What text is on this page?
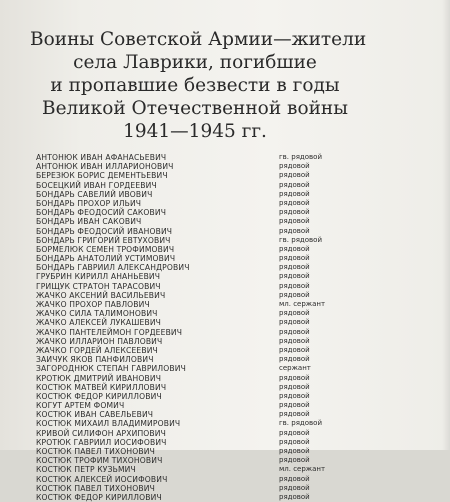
Воины Советской Армии—жители
села Лаврики, погибшие
и пропавшие безвести в годы
Великой Отечественной войны
1941—1945 гг.
АНТОНЮК ИВАН АФАНАСЬЕВИЧ	гв. рядовой
АНТОНЮК ИВАН ИЛЛАРИОНОВИЧ	рядовой
БЕРЕЗЮК БОРИС ДЕМЕНТЬЕВИЧ	рядовой
БОСЕЦКИЙ ИВАН ГОРДЕЕВИЧ	рядовой
БОНДАРЬ САВЕЛИЙ ИВОВИЧ	рядовой
БОНДАРЬ ПРОХОР ИЛЬИЧ	рядовой
БОНДАРЬ ФЕОДОСИЙ САКОВИЧ	рядовой
БОНДАРЬ ИВАН САКОВИЧ	рядовой
БОНДАРЬ ФЕОДОСИЙ ИВАНОВИЧ	рядовой
БОНДАРЬ ГРИГОРИЙ ЕВТУХОВИЧ	гв. рядовой
БОРМЕЛЮК СЕМЕН ТРОФИМОВИЧ	рядовой
БОНДАРЬ АНАТОЛИЙ УСТИМОВИЧ	рядовой
БОНДАРЬ ГАВРИИЛ АЛЕКСАНДРОВИЧ	рядовой
ГРУБРИН КИРИЛЛ АНАНЬЕВИЧ	рядовой
ГРИЩУК СТРАТОН ТАРАСОВИЧ	рядовой
ЖАЧКО АКСЕНИЙ ВАСИЛЬЕВИЧ	рядовой
ЖАЧКО ПРОХОР ПАВЛОВИЧ	мл. сержант
ЖАЧКО СИЛА ТАЛИМОНОВИЧ	рядовой
ЖАЧКО АЛЕКСЕЙ ЛУКАШЕВИЧ	рядовой
ЖАЧКО ПАНТЕЛЕЙМОН ГОРДЕЕВИЧ	рядовой
ЖАЧКО ИЛЛАРИОН ПАВЛОВИЧ	рядовой
ЖАЧКО ГОРДЕЙ АЛЕКСЕЕВИЧ	рядовой
ЗАИЧУК ЯКОВ ПАНФИЛОВИЧ	рядовой
ЗАГОРОДНЮК СТЕПАН ГАВРИЛОВИЧ	сержант
КРОТЮК ДМИТРИЙ ИВАНОВИЧ	рядовой
КОСТЮК МАТВЕЙ КИРИЛЛОВИЧ	рядовой
КОСТЮК ФЕДОР КИРИЛЛОВИЧ	рядовой
КОГУТ АРТЕМ ФОМИЧ	рядовой
КОСТЮК ИВАН САВЕЛЬЕВИЧ	рядовой
КОСТЮК МИХАИЛ ВЛАДИМИРОВИЧ	гв. рядовой
КРИВОЙ СИЛИФОН АРХИПОВИЧ	рядовой
КРОТЮК ГАВРИИЛ ИОСИФОВИЧ	рядовой
КОСТЮК ПАВЕЛ ТИХОНОВИЧ	рядовой
КОСТЮК ТРОФИМ ТИХОНОВИЧ	рядовой
КОСТЮК ПЕТР КУЗЬМИЧ	мл. сержант
КОСТЮК АЛЕКСЕЙ ИОСИФОВИЧ	рядовой
КОСТЮК ПАВЕЛ ТИХОНОВИЧ	рядовой
КОСТЮК ФЕДОР КИРИЛЛОВИЧ	рядовой
